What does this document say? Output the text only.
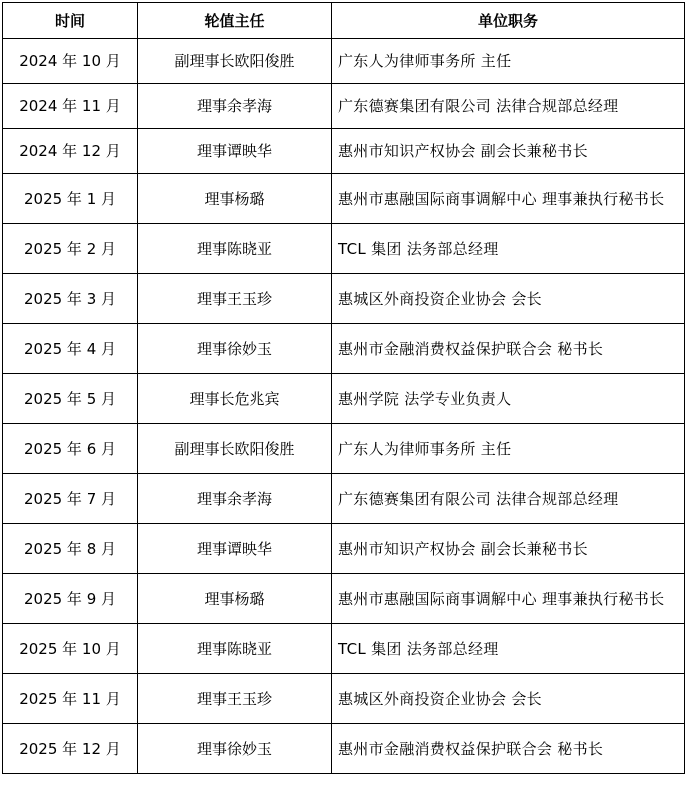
时间	轮值主任	单位职务
2024 年 10 月	副理事长欧阳俊胜	广东人为律师事务所 主任
2024 年 11 月	理事余孝海	广东德赛集团有限公司 法律合规部总经理
2024 年 12 月	理事谭映华	惠州市知识产权协会 副会长兼秘书长
2025 年 1 月	理事杨璐	惠州市惠融国际商事调解中心 理事兼执行秘书长
2025 年 2 月	理事陈晓亚	TCL 集团 法务部总经理
2025 年 3 月	理事王玉珍	惠城区外商投资企业协会 会长
2025 年 4 月	理事徐妙玉	惠州市金融消费权益保护联合会 秘书长
2025 年 5 月	理事长危兆宾	惠州学院 法学专业负责人
2025 年 6 月	副理事长欧阳俊胜	广东人为律师事务所 主任
2025 年 7 月	理事余孝海	广东德赛集团有限公司 法律合规部总经理
2025 年 8 月	理事谭映华	惠州市知识产权协会 副会长兼秘书长
2025 年 9 月	理事杨璐	惠州市惠融国际商事调解中心 理事兼执行秘书长
2025 年 10 月	理事陈晓亚	TCL 集团 法务部总经理
2025 年 11 月	理事王玉珍	惠城区外商投资企业协会 会长
2025 年 12 月	理事徐妙玉	惠州市金融消费权益保护联合会 秘书长
